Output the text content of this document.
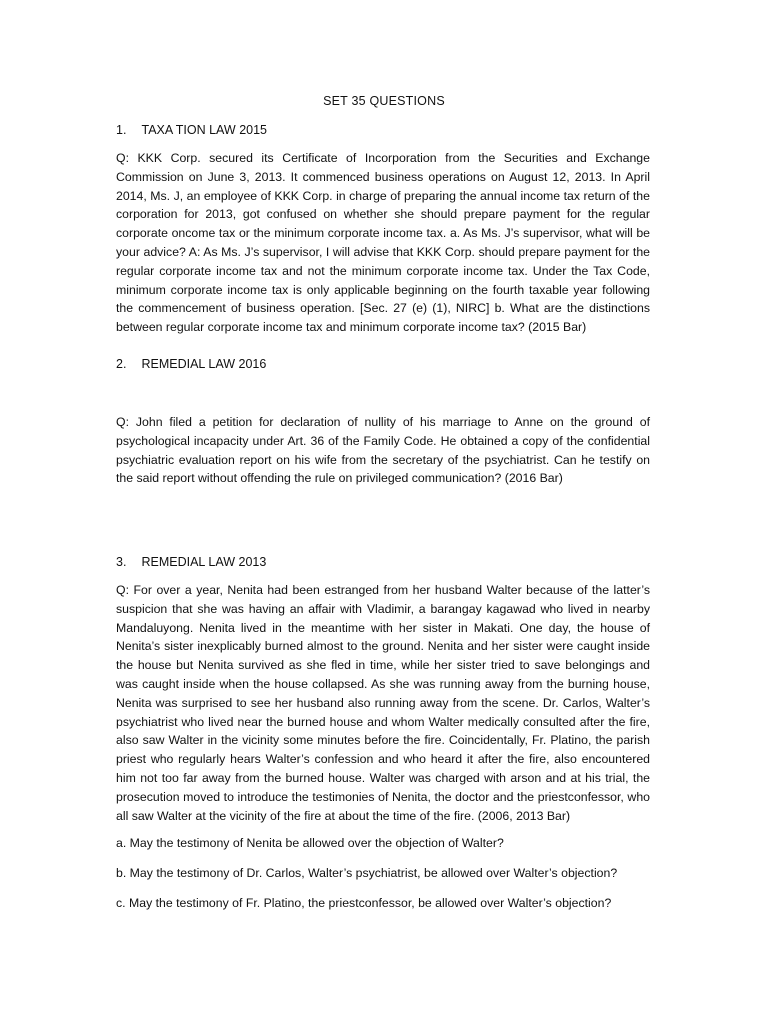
SET 35 QUESTIONS
1. TAXA TION LAW 2015

Q: KKK Corp. secured its Certificate of Incorporation from the Securities and Exchange Commission on June 3, 2013. It commenced business operations on August 12, 2013. In April 2014, Ms. J, an employee of KKK Corp. in charge of preparing the annual income tax return of the corporation for 2013, got confused on whether she should prepare payment for the regular corporate oncome tax or the minimum corporate income tax. a. As Ms. J’s supervisor, what will be your advice? A: As Ms. J’s supervisor, I will advise that KKK Corp. should prepare payment for the regular corporate income tax and not the minimum corporate income tax. Under the Tax Code, minimum corporate income tax is only applicable beginning on the fourth taxable year following the commencement of business operation. [Sec. 27 (e) (1), NIRC] b. What are the distinctions between regular corporate income tax and minimum corporate income tax? (2015 Bar)

2. REMEDIAL LAW 2016

Q: John filed a petition for declaration of nullity of his marriage to Anne on the ground of psychological incapacity under Art. 36 of the Family Code. He obtained a copy of the confidential psychiatric evaluation report on his wife from the secretary of the psychiatrist. Can he testify on the said report without offending the rule on privileged communication? (2016 Bar)

3. REMEDIAL LAW 2013

Q: For over a year, Nenita had been estranged from her husband Walter because of the latter’s suspicion that she was having an affair with Vladimir, a barangay kagawad who lived in nearby Mandaluyong. Nenita lived in the meantime with her sister in Makati. One day, the house of Nenita’s sister inexplicably burned almost to the ground. Nenita and her sister were caught inside the house but Nenita survived as she fled in time, while her sister tried to save belongings and was caught inside when the house collapsed. As she was running away from the burning house, Nenita was surprised to see her husband also running away from the scene. Dr. Carlos, Walter’s psychiatrist who lived near the burned house and whom Walter medically consulted after the fire, also saw Walter in the vicinity some minutes before the fire. Coincidentally, Fr. Platino, the parish priest who regularly hears Walter’s confession and who heard it after the fire, also encountered him not too far away from the burned house. Walter was charged with arson and at his trial, the prosecution moved to introduce the testimonies of Nenita, the doctor and the priestconfessor, who all saw Walter at the vicinity of the fire at about the time of the fire. (2006, 2013 Bar)

a. May the testimony of Nenita be allowed over the objection of Walter?

b. May the testimony of Dr. Carlos, Walter’s psychiatrist, be allowed over Walter’s objection?

c. May the testimony of Fr. Platino, the priestconfessor, be allowed over Walter’s objection?
